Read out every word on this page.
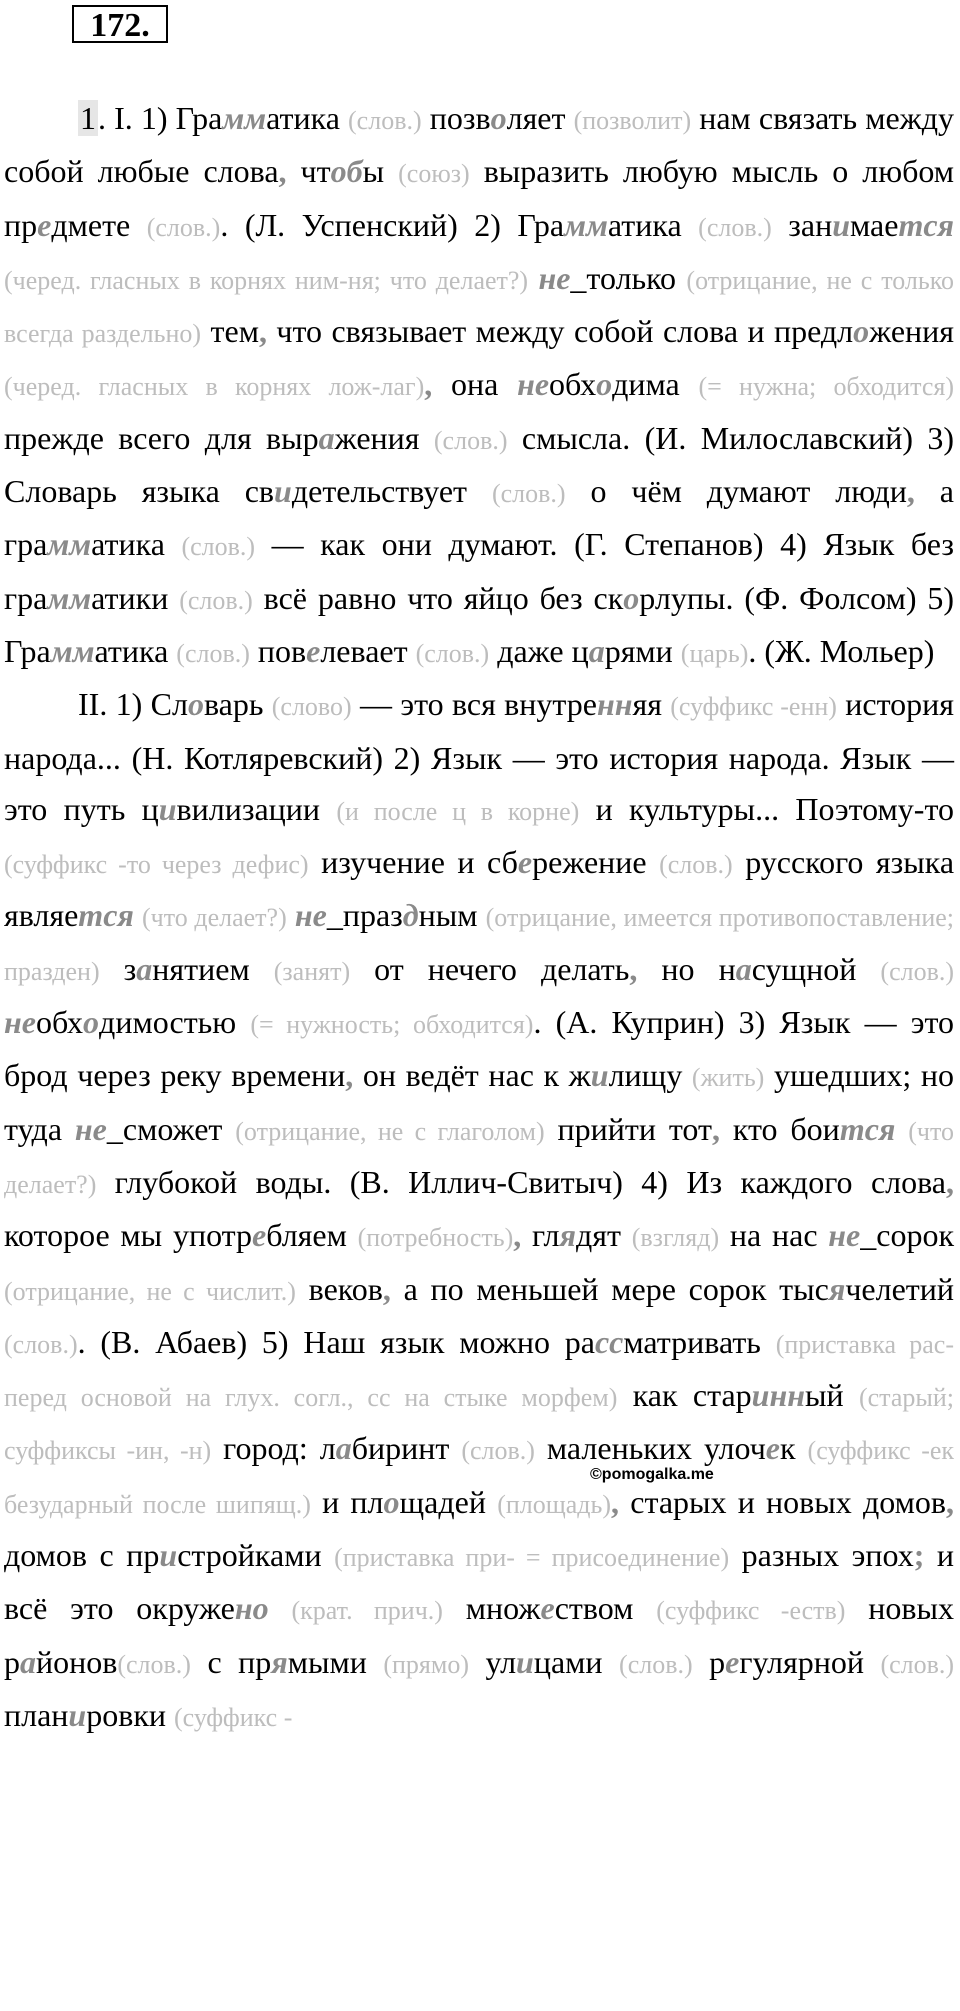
172.

1. I. 1) Грамматика (слов.) позволяет (позволит) нам связать между собой любые слова, чтобы (союз) выразить любую мысль о любом предмете (слов.). (Л. Успенский) 2) Грамматика (слов.) занимается (черед. гласных в корнях ним-ня; что делает?) не_только (отрицание, не с только всегда раздельно) тем, что связывает между собой слова и предложения (черед. гласных в корнях лож-лаг), она необходима (= нужна; обходится) прежде всего для выражения (слов.) смысла. (И. Милославский) 3) Словарь языка свидетельствует (слов.) о чём думают люди, а грамматика (слов.) — как они думают. (Г. Степанов) 4) Язык без грамматики (слов.) всё равно что яйцо без скорлупы. (Ф. Фолсом) 5) Грамматика (слов.) повелевает (слов.) даже царями (царь). (Ж. Мольер)

II. 1) Словарь (слово) — это вся внутренняя (суффикс -енн) история народа... (Н. Котляревский) 2) Язык — это история народа. Язык — это путь цивилизации (и после ц в корне) и культуры... Поэтому-то (суффикс -то через дефис) изучение и сбережение (слов.) русского языка является (что делает?) не_праздным (отрицание, имеется противопоставление; празден) занятием (занят) от нечего делать, но насущной (слов.) необходимостью (= нужность; обходится). (А. Куприн) 3) Язык — это брод через реку времени, он ведёт нас к жилищу (жить) ушедших; но туда не_сможет (отрицание, не с глаголом) прийти тот, кто боится (что делает?) глубокой воды. (В. Иллич-Свитыч) 4) Из каждого слова, которое мы употребляем (потребность), глядят (взгляд) на нас не_сорок (отрицание, не с числит.) веков, а по меньшей мере сорок тысячелетий (слов.). (В. Абаев) 5) Наш язык можно рассматривать (приставка рас- перед основой на глух. согл., сс на стыке морфем) как старинный (старый; суффиксы -ин, -н) город: лабиринт (слов.) маленьких улочек (суффикс -ек безударный после шипящ.) и площадей (площадь), старых и новых домов, домов с пристройками (приставка при- = присоединение) разных эпох; и всё это окружено (крат. прич.) множеством (суффикс -еств) новых районов(слов.) с прямыми (прямо) улицами (слов.) регулярной (слов.) планировки (суффикс -

©pomogalka.me
